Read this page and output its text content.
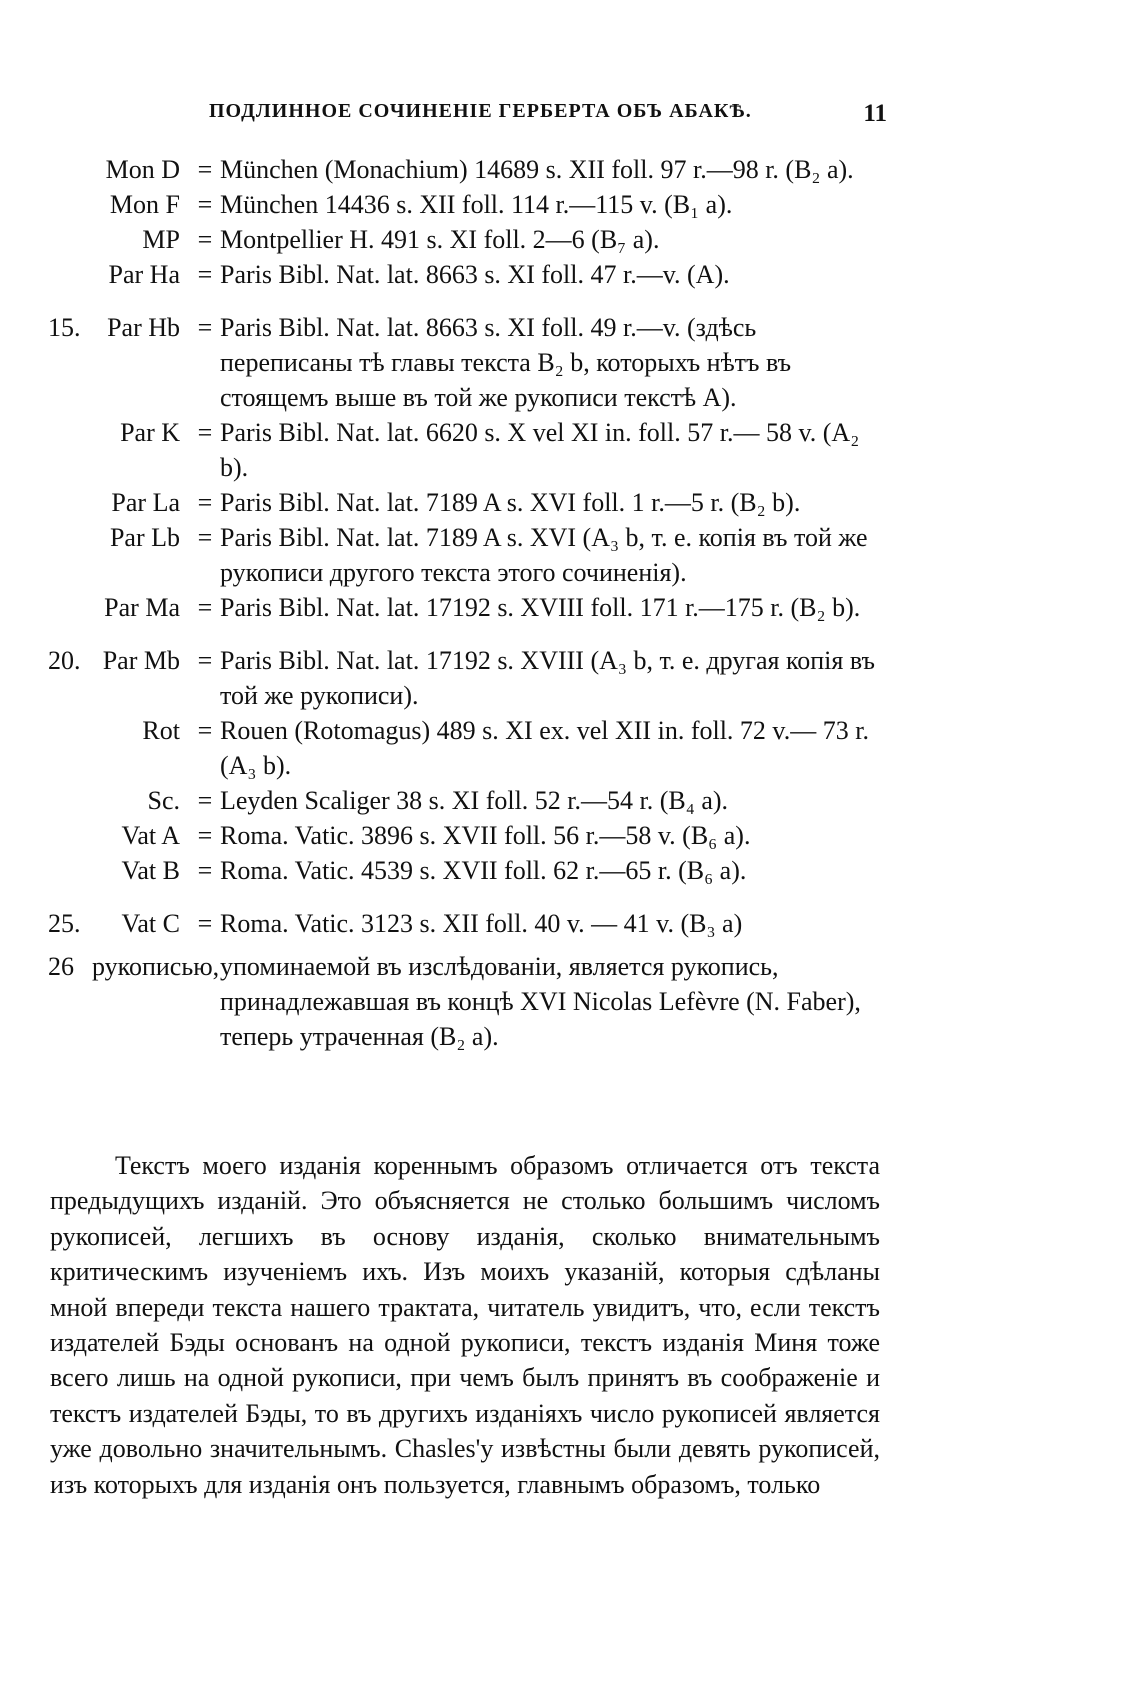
ПОДЛИННОЕ СОЧИНЕНІЕ ГЕРБЕРТА ОБЪ АБАКѢ.	11
Mon D = München (Monachium) 14689 s. XII foll. 97 r.—98 r. (B₂ a).
Mon F = München 14436 s. XII foll. 114 r.—115 v. (B₁ a).
MP = Montpellier H. 491 s. XI foll. 2—6 (B₇ a).
Par Ha = Paris Bibl. Nat. lat. 8663 s. XI foll. 47 r.—v. (A).
15.	Par Hb = Paris Bibl. Nat. lat. 8663 s. XI foll. 49 r.—v. (здѣсь переписаны тѣ главы текста B₂ b, которыхъ нѣтъ въ стоящемъ выше въ той же рукописи текстѣ A).
Par K = Paris Bibl. Nat. lat. 6620 s. X vel XI in. foll. 57 r.— 58 v. (A₂ b).
Par La = Paris Bibl. Nat. lat. 7189 A s. XVI foll. 1 r.—5 r. (B₂ b).
Par Lb = Paris Bibl. Nat. lat. 7189 A s. XVI (A₃ b, т. е. копія въ той же рукописи другого текста этого сочиненія).
Par Ma = Paris Bibl. Nat. lat. 17192 s. XVIII foll. 171 r.—175 r. (B₂ b).
20. Par Mb = Paris Bibl. Nat. lat. 17192 s. XVIII (A₃ b, т. е. другая копія въ той же рукописи).
Rot = Rouen (Rotomagus) 489 s. XI ex. vel XII in. foll. 72 v.— 73 r. (A₃ b).
Sc. = Leyden Scaliger 38 s. XI foll. 52 r.—54 r. (B₄ a).
Vat A = Roma. Vatic. 3896 s. XVII foll. 56 r.—58 v. (B₆ a).
Vat B = Roma. Vatic. 4539 s. XVII foll. 62 r.—65 r. (B₆ a).
25.	Vat C = Roma. Vatic. 3123 s. XII foll. 40 v. — 41 v. (B₃ a)
26 рукописью, упоминаемой въ изслѣдованіи, является рукопись, принадлежавшая въ концѣ XVI Nicolas Lefèvre (N. Faber), теперь утраченная (B₂ a).

Текстъ моего изданія кореннымъ образомъ отличается отъ текста предыдущихъ изданій. Это объясняется не столько большимъ числомъ рукописей, легшихъ въ основу изданія, сколько внимательнымъ критическимъ изученіемъ ихъ. Изъ моихъ указаній, которыя сдѣланы мной впереди текста нашего трактата, читатель увидитъ, что, если текстъ издателей Бэды основанъ на одной рукописи, текстъ изданія Миня тоже всего лишь на одной рукописи, при чемъ былъ принятъ въ соображеніе и текстъ издателей Бэды, то въ другихъ изданіяхъ число рукописей является уже довольно значительнымъ. Chasles'у извѣстны были девять рукописей, изъ которыхъ для изданія онъ пользуется, главнымъ образомъ, только
